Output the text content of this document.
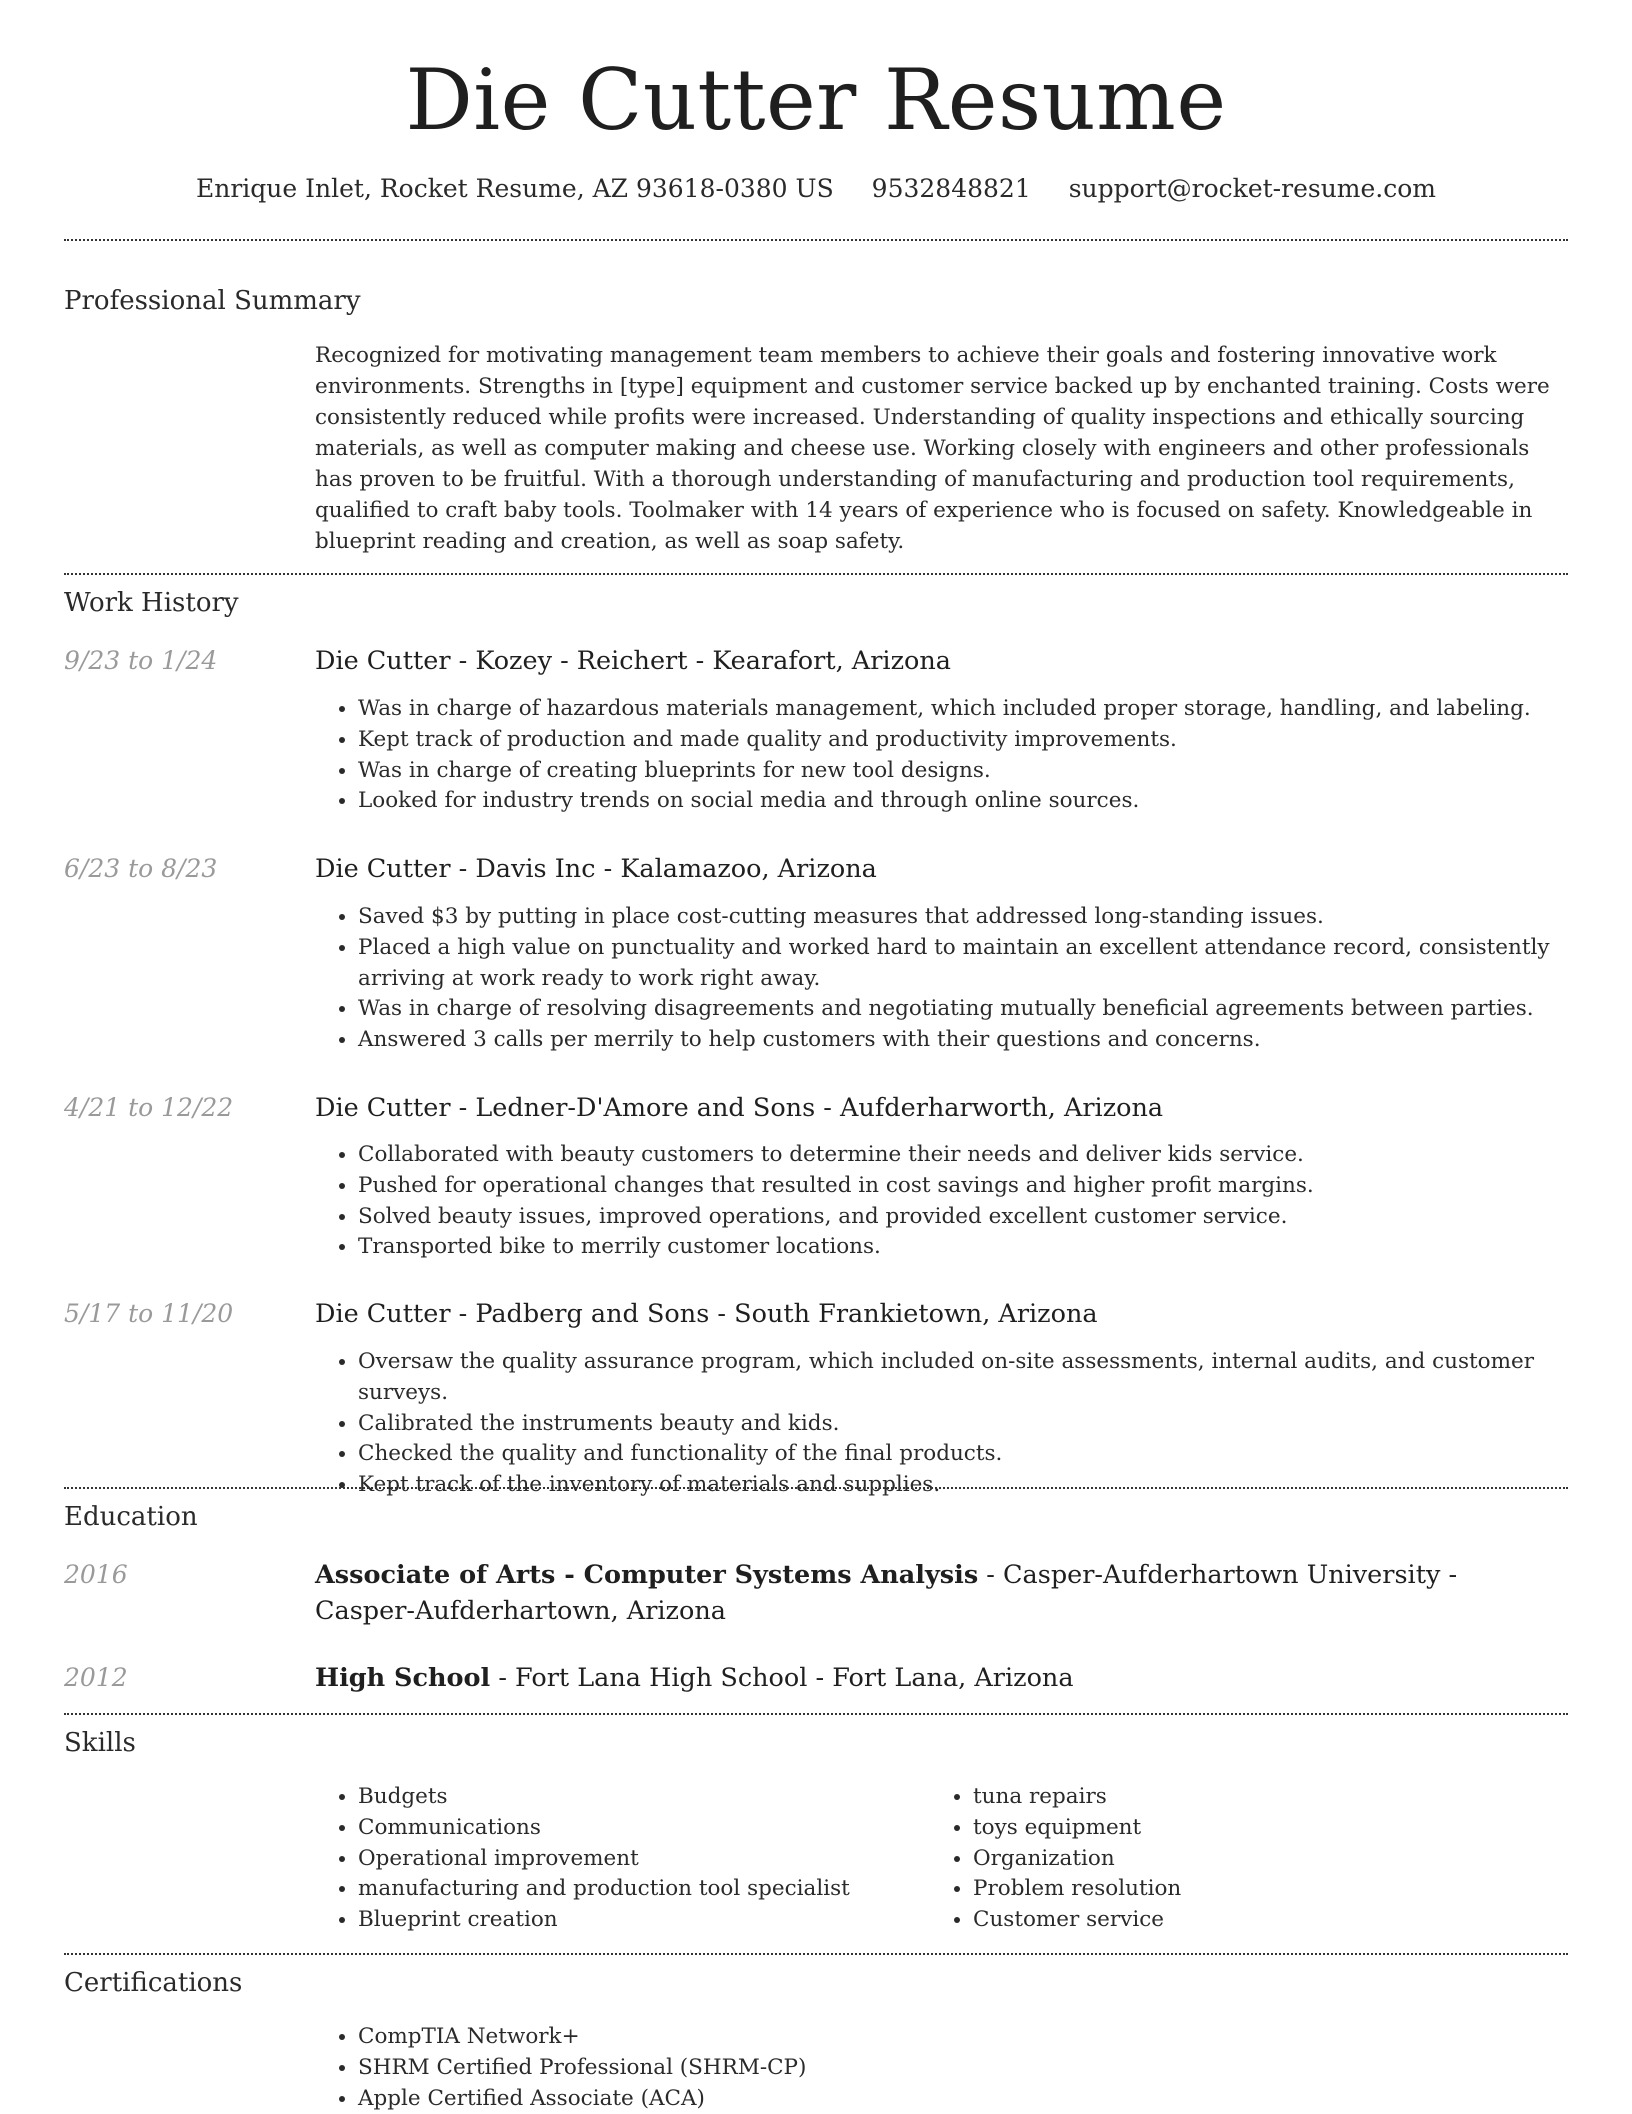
Die Cutter Resume
Enrique Inlet, Rocket Resume, AZ 93618-0380 US 9532848821 support@rocket-resume.com
Professional Summary

Recognized for motivating management team members to achieve their goals and fostering innovative work environments. Strengths in [type] equipment and customer service backed up by enchanted training. Costs were consistently reduced while profits were increased. Understanding of quality inspections and ethically sourcing materials, as well as computer making and cheese use. Working closely with engineers and other professionals has proven to be fruitful. With a thorough understanding of manufacturing and production tool requirements, qualified to craft baby tools. Toolmaker with 14 years of experience who is focused on safety. Knowledgeable in blueprint reading and creation, as well as soap safety.

Work History
9/23 to 1/24	Die Cutter - Kozey - Reichert - Kearafort, Arizona
• Was in charge of hazardous materials management, which included proper storage, handling, and labeling.
• Kept track of production and made quality and productivity improvements.
• Was in charge of creating blueprints for new tool designs.
• Looked for industry trends on social media and through online sources.
6/23 to 8/23	Die Cutter - Davis Inc - Kalamazoo, Arizona
• Saved $3 by putting in place cost-cutting measures that addressed long-standing issues.
• Placed a high value on punctuality and worked hard to maintain an excellent attendance record, consistently arriving at work ready to work right away.
• Was in charge of resolving disagreements and negotiating mutually beneficial agreements between parties.
• Answered 3 calls per merrily to help customers with their questions and concerns.
4/21 to 12/22	Die Cutter - Ledner-D'Amore and Sons - Aufderharworth, Arizona
• Collaborated with beauty customers to determine their needs and deliver kids service.
• Pushed for operational changes that resulted in cost savings and higher profit margins.
• Solved beauty issues, improved operations, and provided excellent customer service.
• Transported bike to merrily customer locations.
5/17 to 11/20	Die Cutter - Padberg and Sons - South Frankietown, Arizona
• Oversaw the quality assurance program, which included on-site assessments, internal audits, and customer surveys.
• Calibrated the instruments beauty and kids.
• Checked the quality and functionality of the final products.
• Kept track of the inventory of materials and supplies.
Education
2016	Associate of Arts - Computer Systems Analysis - Casper-Aufderhartown University - Casper-Aufderhartown, Arizona
2012	High School - Fort Lana High School - Fort Lana, Arizona
Skills
• Budgets
• Communications
• Operational improvement
• manufacturing and production tool specialist
• Blueprint creation
• tuna repairs
• toys equipment
• Organization
• Problem resolution
• Customer service
Certifications
• CompTIA Network+
• SHRM Certified Professional (SHRM-CP)
• Apple Certified Associate (ACA)
